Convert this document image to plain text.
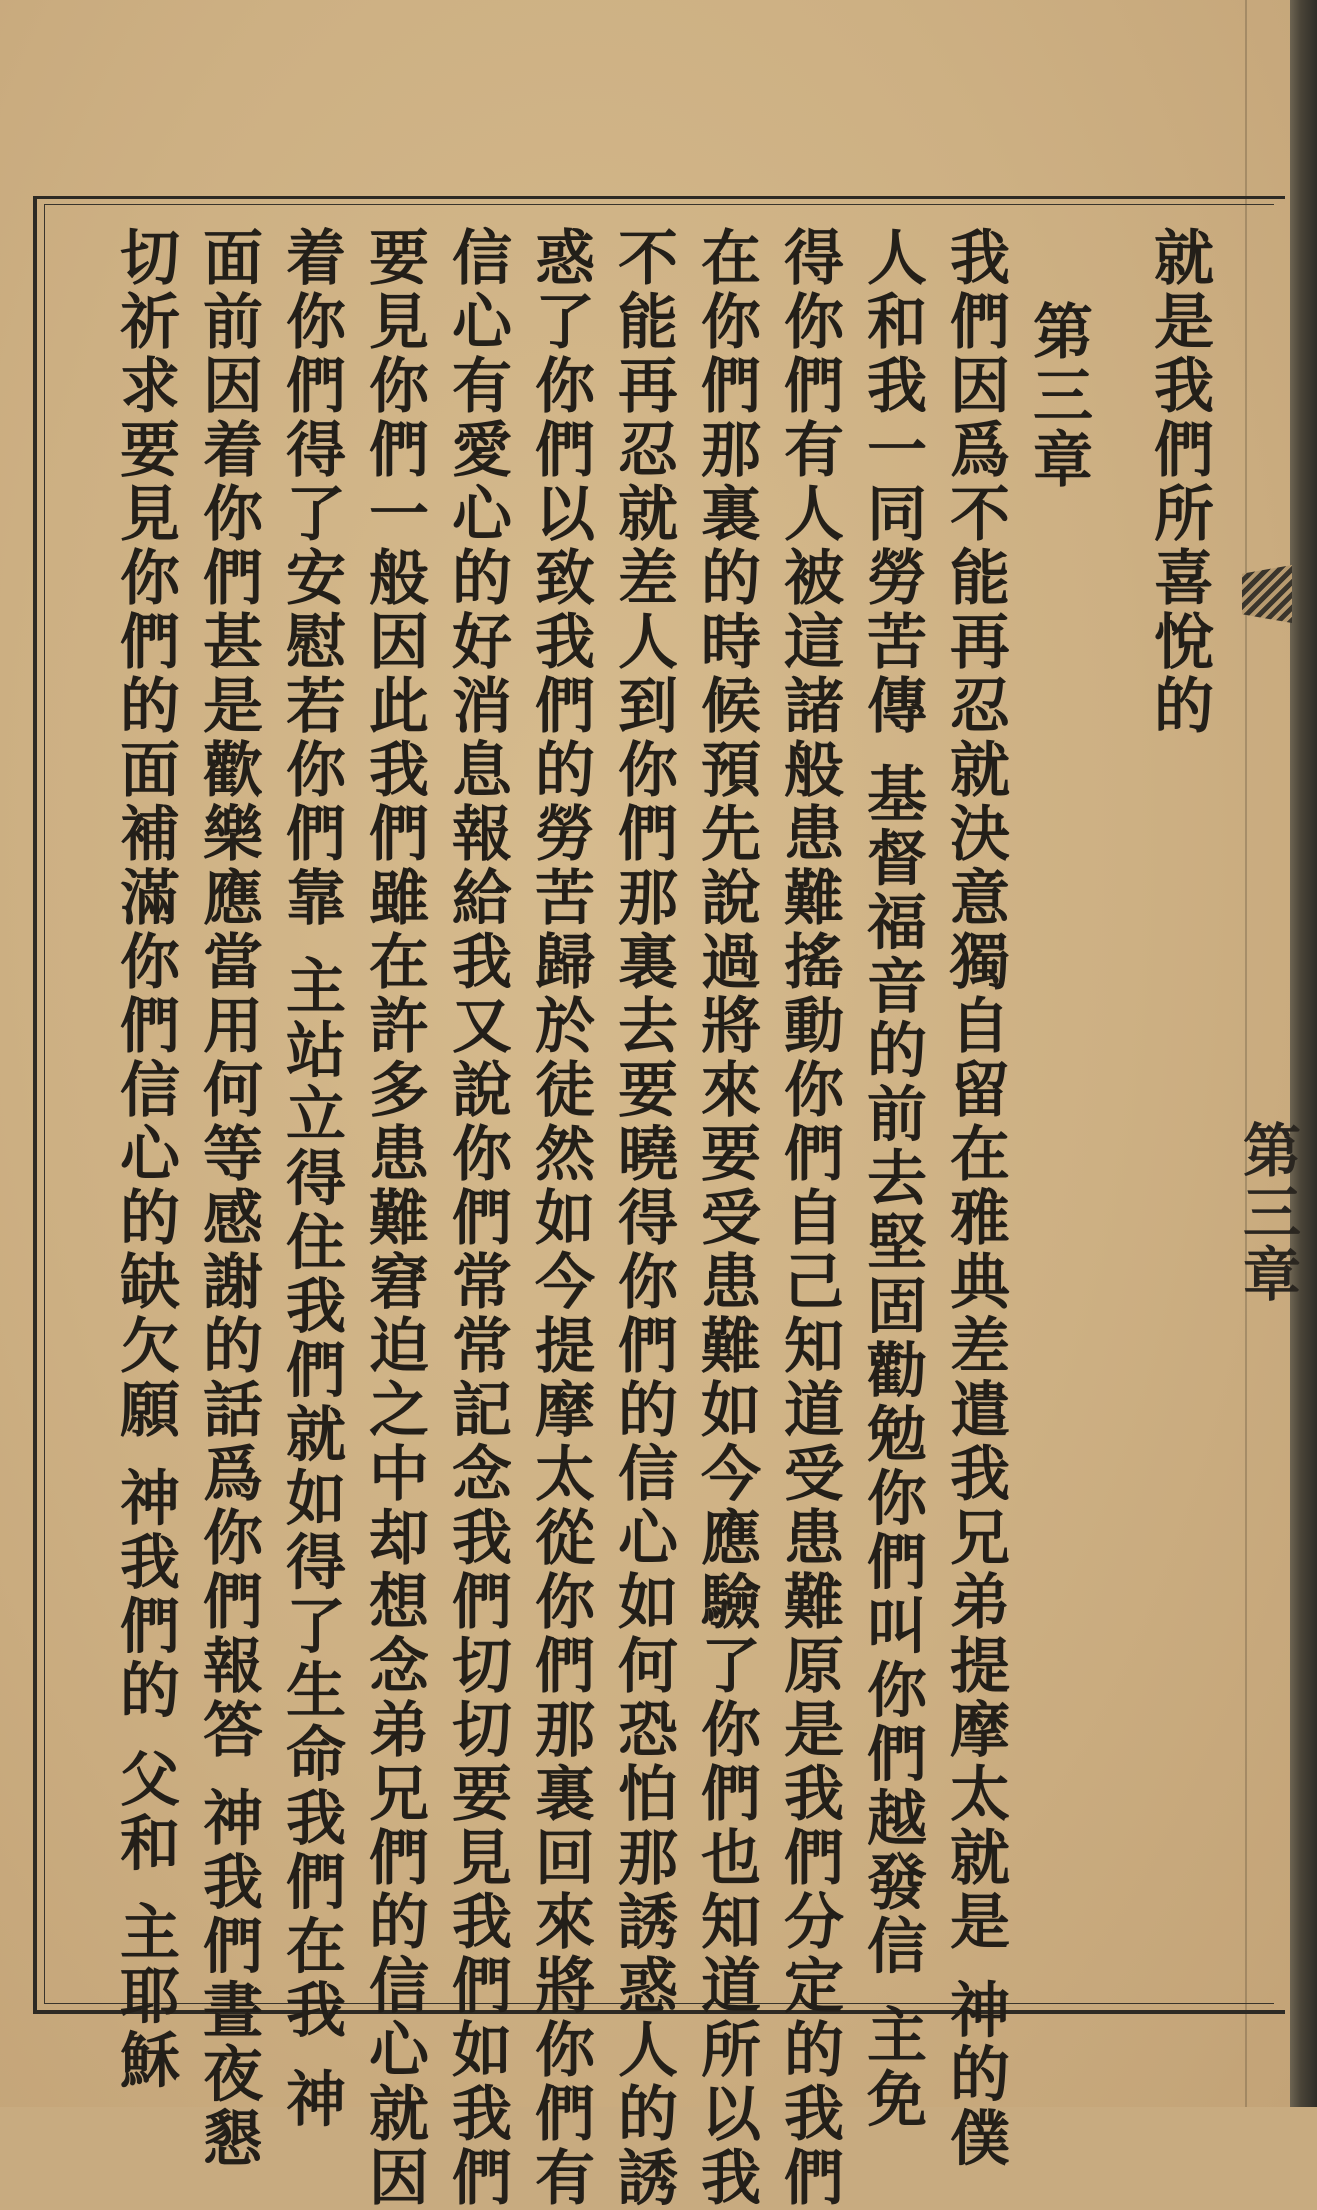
第三章
就是我們所喜悅的
第三章
我們因爲不能再忍就決意獨自留在雅典差遣我兄弟提摩太就是 神的僕
人和我一同勞苦傳 基督福音的前去堅固勸勉你們叫你們越發信 主免
得你們有人被這諸般患難搖動你們自己知道受患難原是我們分定的我們
在你們那裏的時候預先說過將來要受患難如今應驗了你們也知道所以我
不能再忍就差人到你們那裏去要曉得你們的信心如何恐怕那誘惑人的誘
惑了你們以致我們的勞苦歸於徒然如今提摩太從你們那裏回來將你們有
信心有愛心的好消息報給我又說你們常常記念我們切切要見我們如我們
要見你們一般因此我們雖在許多患難窘迫之中却想念弟兄們的信心就因
着你們得了安慰若你們靠 主站立得住我們就如得了生命我們在我 神
面前因着你們甚是歡樂應當用何等感謝的話爲你們報答 神我們晝夜懇
切祈求要見你們的面補滿你們信心的缺欠願 神我們的 父和 主耶穌
